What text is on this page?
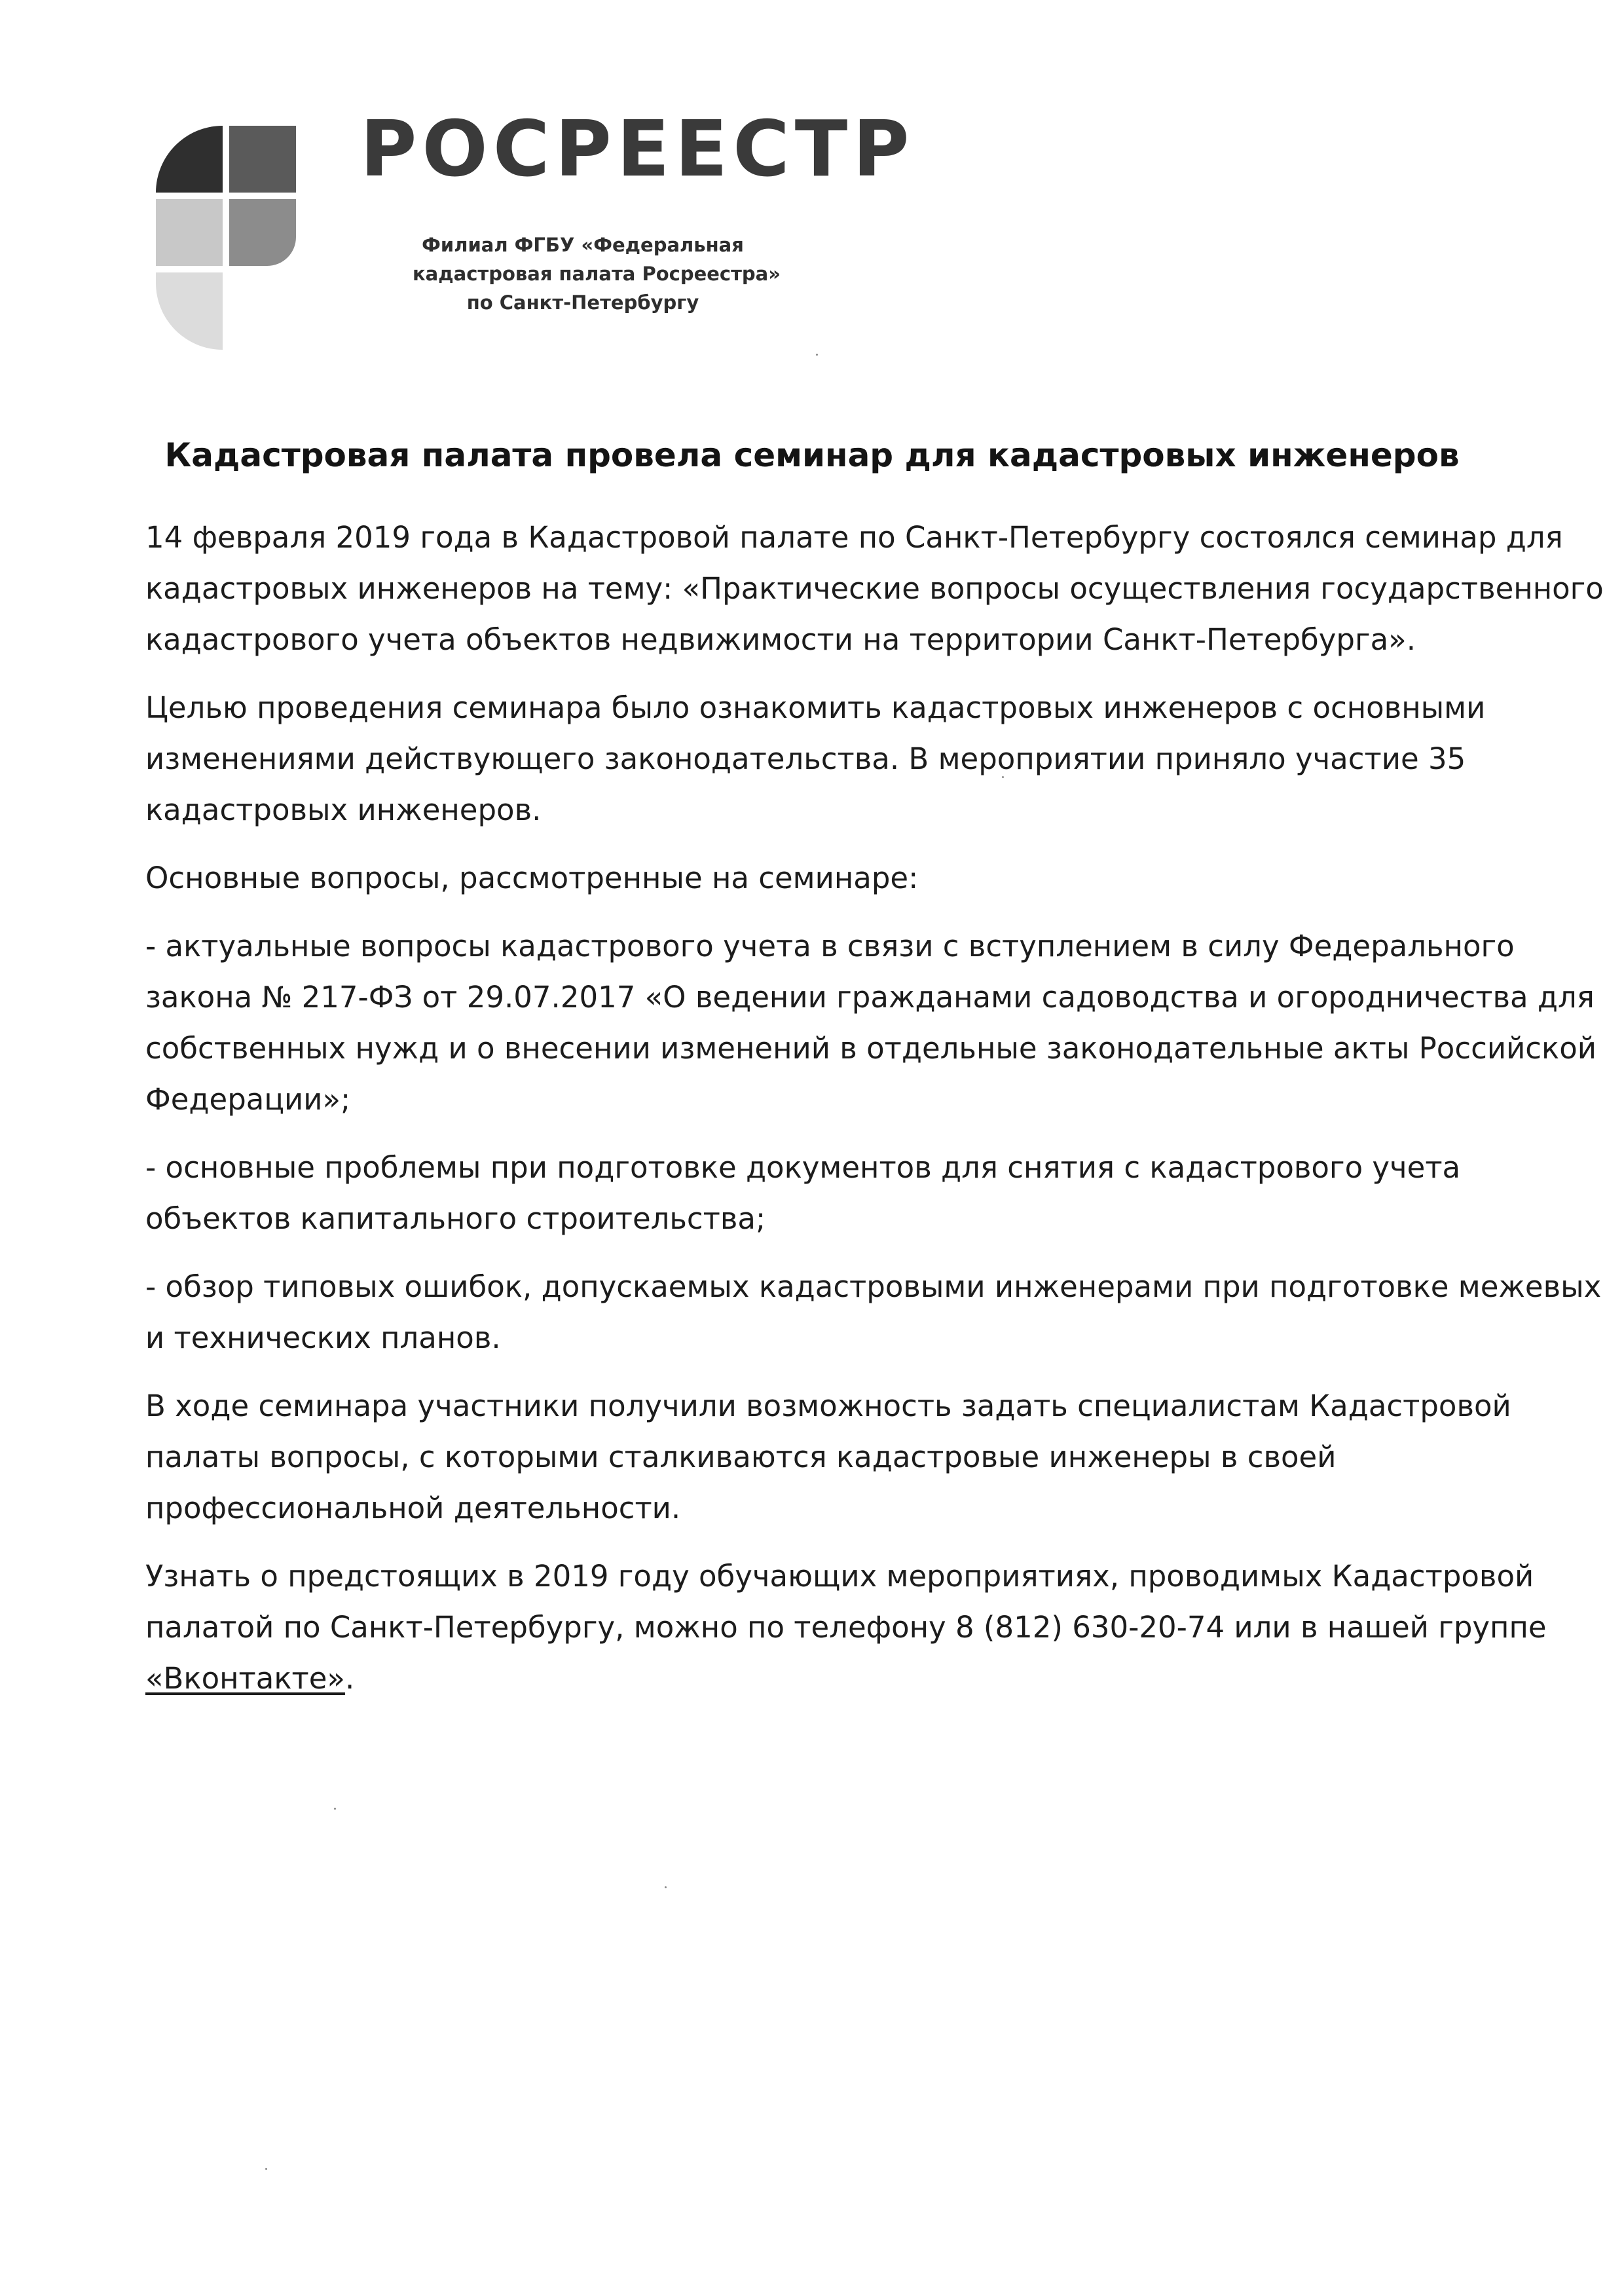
РОСРЕЕСТР
Филиал ФГБУ «Федеральная
кадастровая палата Росреестра»
по Санкт-Петербургу
Кадастровая палата провела семинар для кадастровых инженеров

14 февраля 2019 года в Кадастровой палате по Санкт-Петербургу состоялся семинар для
кадастровых инженеров на тему: «Практические вопросы осуществления государственного
кадастрового учета объектов недвижимости на территории Санкт-Петербурга».

Целью проведения семинара было ознакомить кадастровых инженеров с основными
изменениями действующего законодательства. В мероприятии приняло участие 35
кадастровых инженеров.

Основные вопросы, рассмотренные на семинаре:

- актуальные вопросы кадастрового учета в связи с вступлением в силу Федерального
закона № 217-ФЗ от 29.07.2017 «О ведении гражданами садоводства и огородничества для
собственных нужд и о внесении изменений в отдельные законодательные акты Российской
Федерации»;

- основные проблемы при подготовке документов для снятия с кадастрового учета
объектов капитального строительства;

- обзор типовых ошибок, допускаемых кадастровыми инженерами при подготовке межевых
и технических планов.

В ходе семинара участники получили возможность задать специалистам Кадастровой
палаты вопросы, с которыми сталкиваются кадастровые инженеры в своей
профессиональной деятельности.

Узнать о предстоящих в 2019 году обучающих мероприятиях, проводимых Кадастровой
палатой по Санкт-Петербургу, можно по телефону 8 (812) 630-20-74 или в нашей группе
«Вконтакте».
